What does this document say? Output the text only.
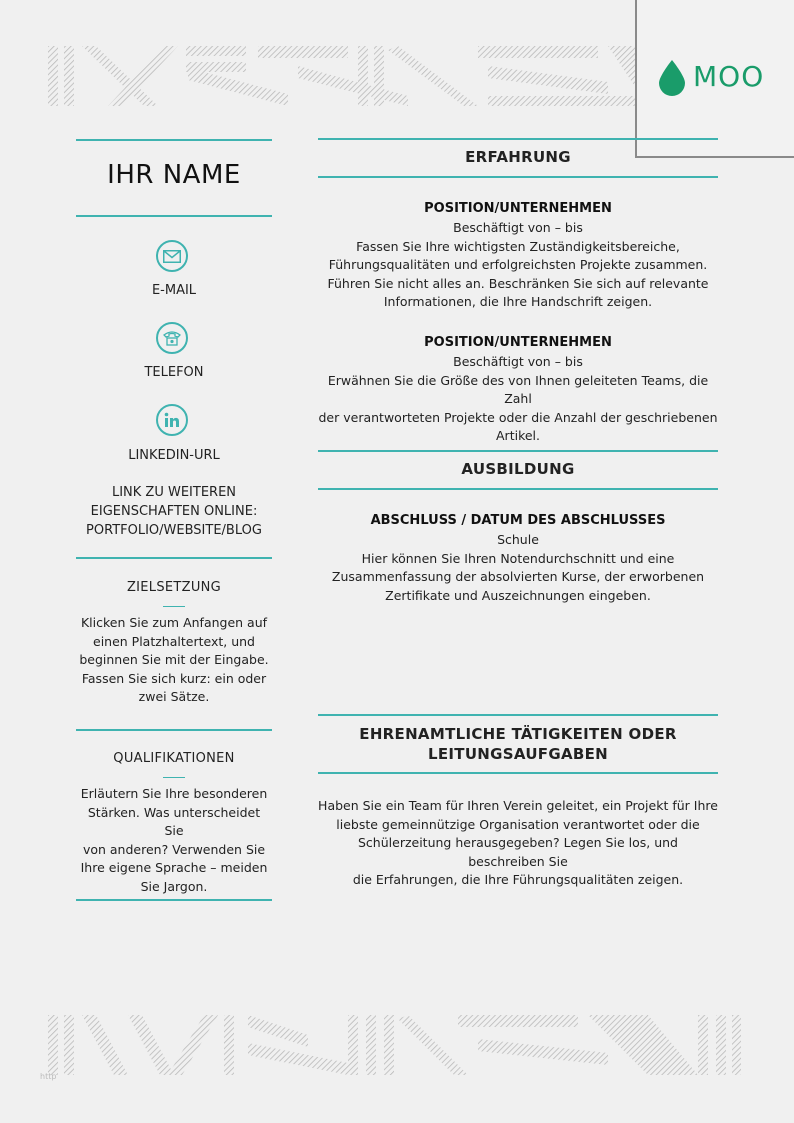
MOO
IHR NAME
E-MAIL
TELEFON
LINKEDIN-URL
LINK ZU WEITEREN
EIGENSCHAFTEN ONLINE:
PORTFOLIO/WEBSITE/BLOG
ZIELSETZUNG
Klicken Sie zum Anfangen auf
einen Platzhaltertext, und
beginnen Sie mit der Eingabe.
Fassen Sie sich kurz: ein oder
zwei Sätze.
QUALIFIKATIONEN
Erläutern Sie Ihre besonderen
Stärken. Was unterscheidet Sie
von anderen? Verwenden Sie
Ihre eigene Sprache – meiden
Sie Jargon.
ERFAHRUNG
POSITION/UNTERNEHMEN
Beschäftigt von – bis
Fassen Sie Ihre wichtigsten Zuständigkeitsbereiche,
Führungsqualitäten und erfolgreichsten Projekte zusammen.
Führen Sie nicht alles an. Beschränken Sie sich auf relevante
Informationen, die Ihre Handschrift zeigen.
POSITION/UNTERNEHMEN
Beschäftigt von – bis
Erwähnen Sie die Größe des von Ihnen geleiteten Teams, die Zahl
der verantworteten Projekte oder die Anzahl der geschriebenen
Artikel.
AUSBILDUNG
ABSCHLUSS / DATUM DES ABSCHLUSSES
Schule
Hier können Sie Ihren Notendurchschnitt und eine
Zusammenfassung der absolvierten Kurse, der erworbenen
Zertifikate und Auszeichnungen eingeben.
EHRENAMTLICHE TÄTIGKEITEN ODER
LEITUNGSAUFGABEN
Haben Sie ein Team für Ihren Verein geleitet, ein Projekt für Ihre
liebste gemeinnützige Organisation verantwortet oder die
Schülerzeitung herausgegeben? Legen Sie los, und beschreiben Sie
die Erfahrungen, die Ihre Führungsqualitäten zeigen.
http
